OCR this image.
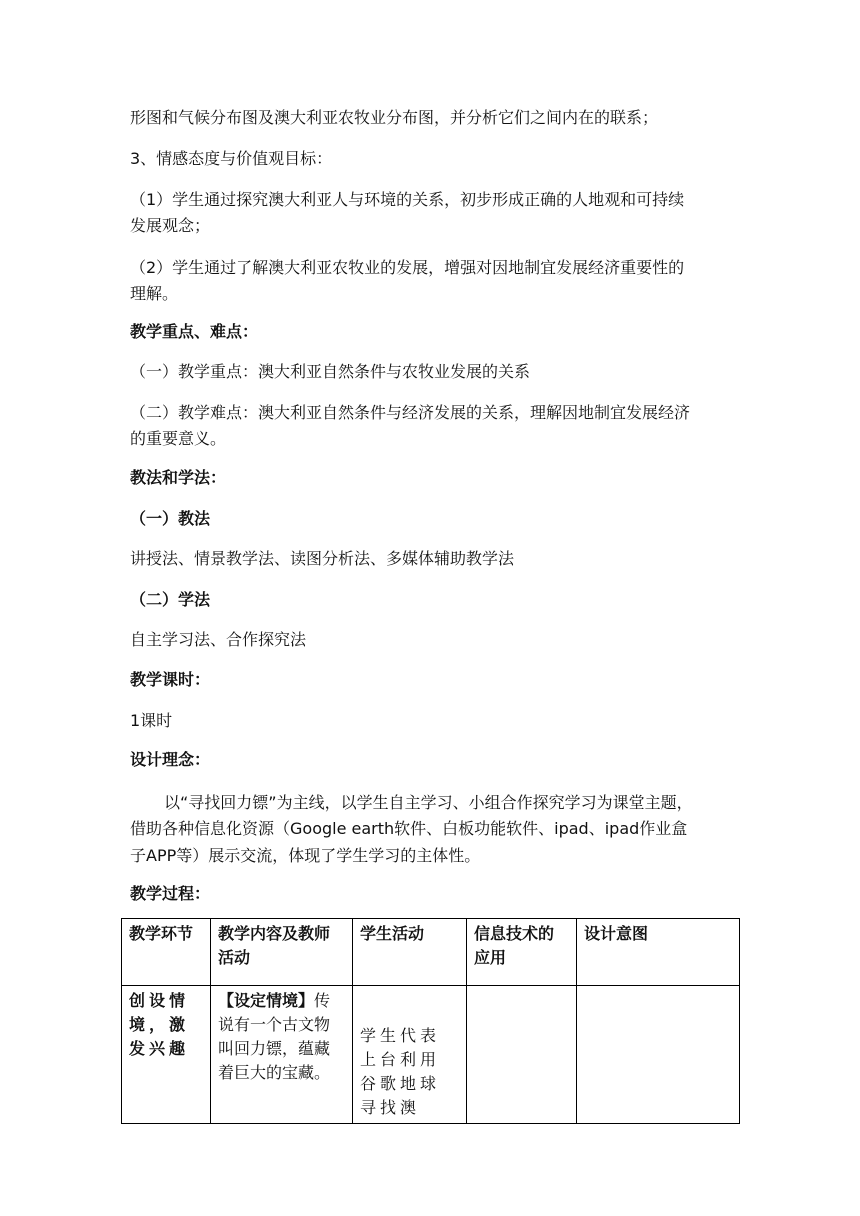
形图和气候分布图及澳大利亚农牧业分布图，并分析它们之间内在的联系；
3、情感态度与价值观目标：
（1）学生通过探究澳大利亚人与环境的关系，初步形成正确的人地观和可持续
发展观念；
（2）学生通过了解澳大利亚农牧业的发展，增强对因地制宜发展经济重要性的
理解。
教学重点、难点：
（一）教学重点：澳大利亚自然条件与农牧业发展的关系
（二）教学难点：澳大利亚自然条件与经济发展的关系，理解因地制宜发展经济
的重要意义。
教法和学法：
（一）教法
讲授法、情景教学法、读图分析法、多媒体辅助教学法
（二）学法
自主学习法、合作探究法
教学课时：
1课时
设计理念：
以“寻找回力镖”为主线，以学生自主学习、小组合作探究学习为课堂主题，
借助各种信息化资源（Google earth软件、白板功能软件、ipad、ipad作业盒
子APP等）展示交流，体现了学生学习的主体性。
教学过程：
教学环节	教学内容及教师活动	学生活动	信息技术的应用	设计意图
创设情境，激发兴趣	【设定情境】传说有一个古文物叫回力镖，蕴藏着巨大的宝藏。	学生代表上台利用谷歌地球寻找澳		
